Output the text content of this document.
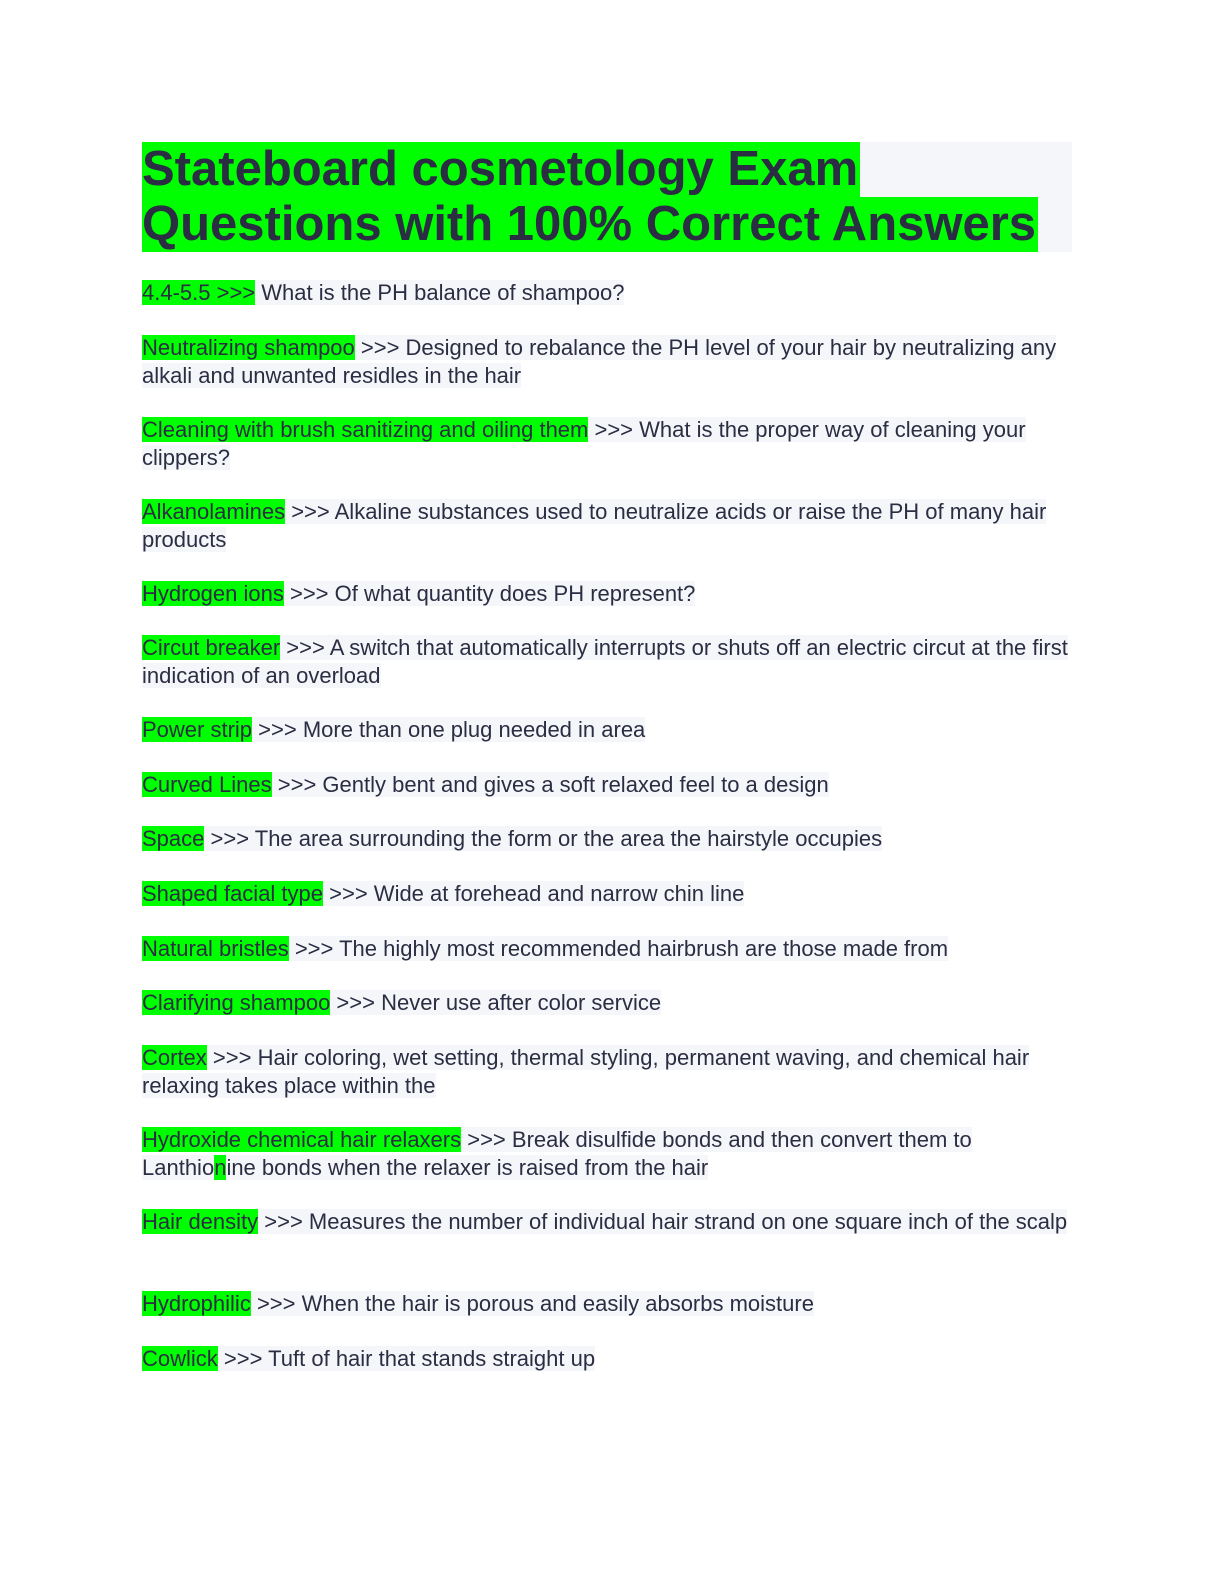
Stateboard cosmetology Exam
Questions with 100% Correct Answers
4.4-5.5 >>> What is the PH balance of shampoo?
Neutralizing shampoo >>> Designed to rebalance the PH level of your hair by neutralizing any alkali and unwanted residles in the hair
Cleaning with brush sanitizing and oiling them >>> What is the proper way of cleaning your clippers?
Alkanolamines >>> Alkaline substances used to neutralize acids or raise the PH of many hair products
Hydrogen ions >>> Of what quantity does PH represent?
Circut breaker >>> A switch that automatically interrupts or shuts off an electric circut at the first indication of an overload
Power strip >>> More than one plug needed in area
Curved Lines >>> Gently bent and gives a soft relaxed feel to a design
Space >>> The area surrounding the form or the area the hairstyle occupies
Shaped facial type >>> Wide at forehead and narrow chin line
Natural bristles >>> The highly most recommended hairbrush are those made from
Clarifying shampoo >>> Never use after color service
Cortex >>> Hair coloring, wet setting, thermal styling, permanent waving, and chemical hair relaxing takes place within the
Hydroxide chemical hair relaxers >>> Break disulfide bonds and then convert them to Lanthionine bonds when the relaxer is raised from the hair
Hair density >>> Measures the number of individual hair strand on one square inch of the scalp
Hydrophilic >>> When the hair is porous and easily absorbs moisture
Cowlick >>> Tuft of hair that stands straight up
